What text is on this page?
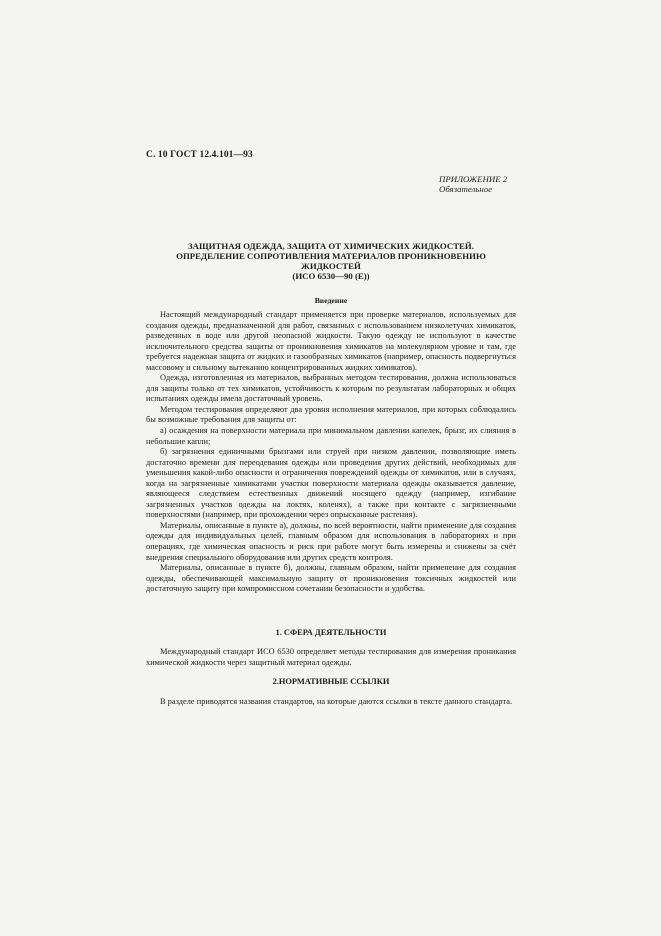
С. 10 ГОСТ 12.4.101—93
ПРИЛОЖЕНИЕ 2
Обязательное
ЗАЩИТНАЯ ОДЕЖДА, ЗАЩИТА ОТ ХИМИЧЕСКИХ ЖИДКОСТЕЙ.
ОПРЕДЕЛЕНИЕ СОПРОТИВЛЕНИЯ МАТЕРИАЛОВ ПРОНИКНОВЕНИЮ
ЖИДКОСТЕЙ
(ИСО 6530—90 (Е))
Введение

Настоящий международный стандарт применяется при проверке материалов, используемых для создания одежды, предназначенной для работ, связанных с использованием низколетучих химикатов, разведенных в воде или другой неопасной жидкости. Такую одежду не используют в качестве исключительного средства защиты от проникновения химикатов на молекулярном уровне и там, где требуется надежная защита от жидких и газообразных химикатов (например, опасность подвергнуться массовому и сильному вытеканию концентрированных жидких химикатов).

Одежда, изготовленная из материалов, выбранных методом тестирования, должна использоваться для защиты только от тех химикатов, устойчивость к которым по результатам лабораторных и общих испытаниях одежды имела достаточный уровень.

Методом тестирования определяют два уровня исполнения материалов, при которых соблюдались бы возможные требования для защиты от:

а) осаждения на поверхности материала при минимальном давлении капелек, брызг, их слияния в небольшие капли;

б) загрязнения единичными брызгами или струей при низком давлении, позволяющие иметь достаточно времени для переодевания одежды или проведения других действий, необходимых для уменьшения какой-либо опасности и ограничения повреждений одежды от химикатов, или в случаях, когда на загрязненные химикатами участки поверхности материала одежды оказывается давление, являющееся следствием естественных движений носящего одежду (например, изгибание загрязненных участков одежды на локтях, коленях), а также при контакте с загрязненными поверхностями (например, при прохождении через опрысканные растения).

Материалы, описанные в пункте а), должны, по всей вероятности, найти применение для создания одежды для индивидуальных целей, главным образом для использования в лабораториях и при операциях, где химическая опасность и риск при работе могут быть измерены и снижены за счёт внедрения специального оборудования или других средств контроля.

Материалы, описанные в пункте б), должны, главным образом, найти применение для создания одежды, обеспечивающей максимальную защиту от проникновения токсичных жидкостей или достаточную защиту при компромиссном сочетании безопасности и удобства.

1. СФЕРА ДЕЯТЕЛЬНОСТИ

Международный стандарт ИСО 6530 определяет методы тестирования для измерения проникания химической жидкости через защитный материал одежды.

2.НОРМАТИВНЫЕ ССЫЛКИ

В разделе приводятся названия стандартов, на которые даются ссылки в тексте данного стандарта.
